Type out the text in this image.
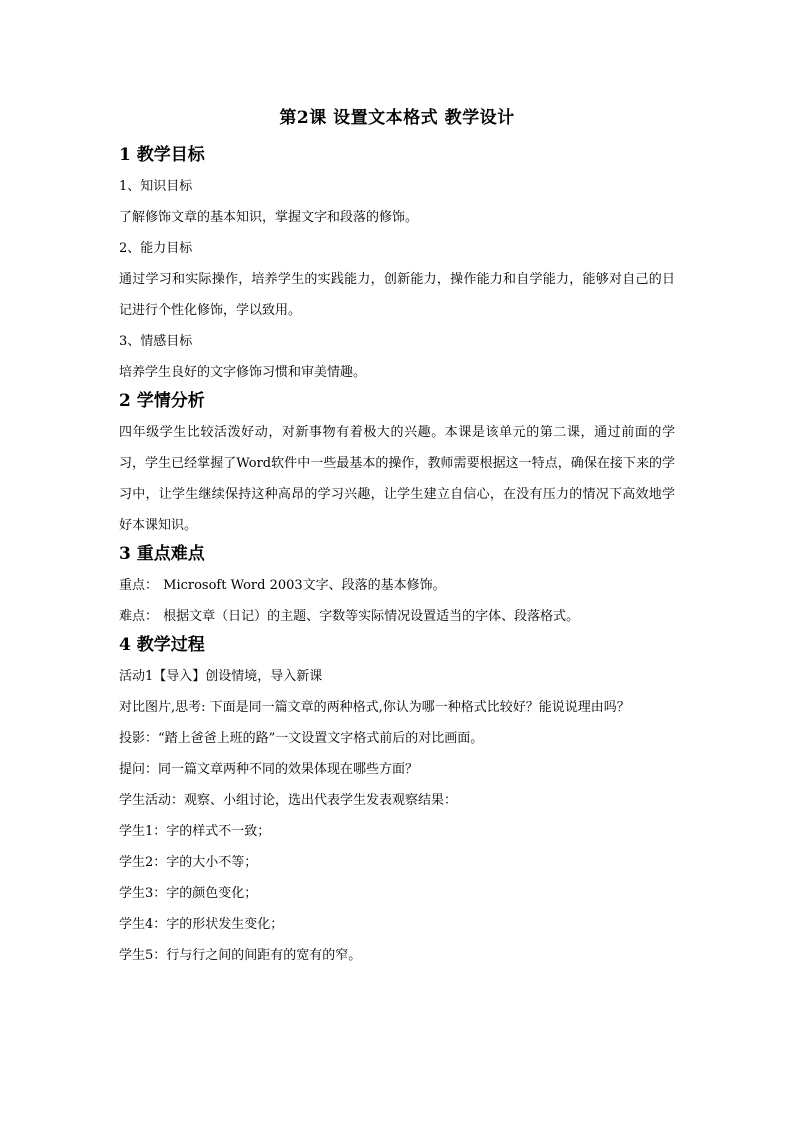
第2课 设置文本格式 教学设计
1 教学目标

1、知识目标

了解修饰文章的基本知识，掌握文字和段落的修饰。

2、能力目标

通过学习和实际操作，培养学生的实践能力，创新能力，操作能力和自学能力，能够对自己的日记进行个性化修饰，学以致用。

3、情感目标

培养学生良好的文字修饰习惯和审美情趣。

2 学情分析

四年级学生比较活泼好动，对新事物有着极大的兴趣。本课是该单元的第二课，通过前面的学习，学生已经掌握了Word软件中一些最基本的操作，教师需要根据这一特点，确保在接下来的学习中，让学生继续保持这种高昂的学习兴趣，让学生建立自信心，在没有压力的情况下高效地学好本课知识。

3 重点难点

重点： Microsoft Word 2003文字、段落的基本修饰。

难点： 根据文章（日记）的主题、字数等实际情况设置适当的字体、段落格式。

4 教学过程

活动1【导入】创设情境，导入新课

对比图片,思考: 下面是同一篇文章的两种格式,你认为哪一种格式比较好？能说说理由吗？

投影：“踏上爸爸上班的路”一文设置文字格式前后的对比画面。

提问：同一篇文章两种不同的效果体现在哪些方面？

学生活动：观察、小组讨论，选出代表学生发表观察结果：

学生1：字的样式不一致；

学生2：字的大小不等；

学生3：字的颜色变化；

学生4：字的形状发生变化；

学生5：行与行之间的间距有的宽有的窄。
